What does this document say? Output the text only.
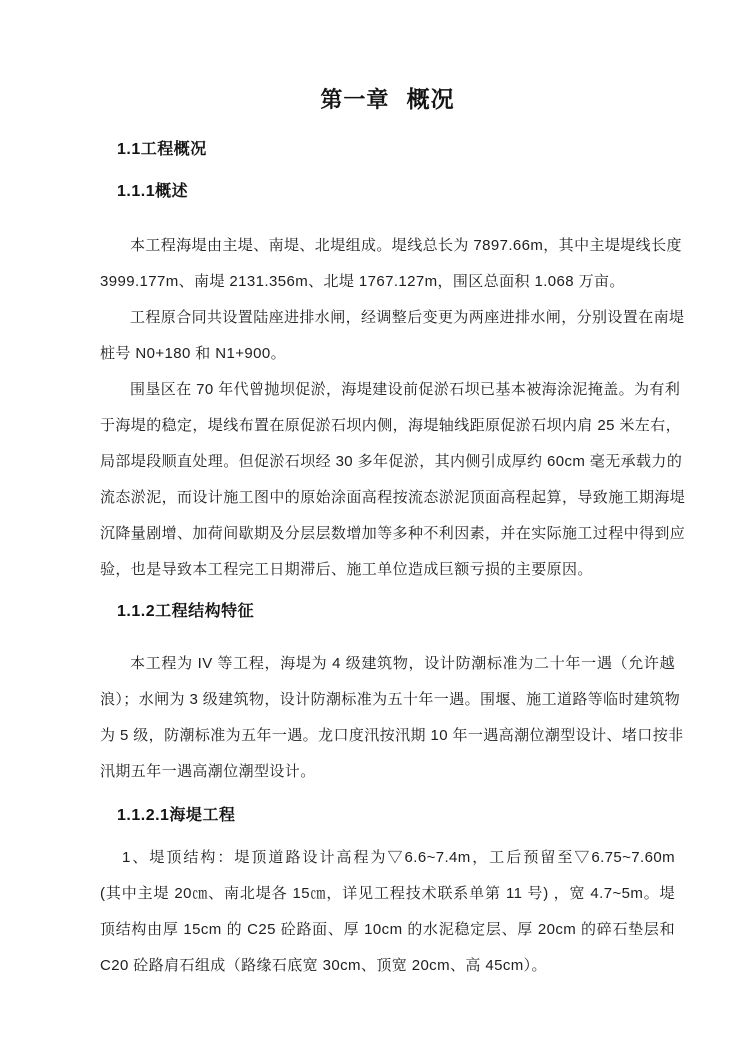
第一章 概况
1.1工程概况
1.1.1概述
本工程海堤由主堤、南堤、北堤组成。堤线总长为 7897.66m，其中主堤堤线长度
3999.177m、南堤 2131.356m、北堤 1767.127m，围区总面积 1.068 万亩。
工程原合同共设置陆座进排水闸，经调整后变更为两座进排水闸，分别设置在南堤
桩号 N0+180 和 N1+900。
围垦区在 70 年代曾抛坝促淤，海堤建设前促淤石坝已基本被海涂泥掩盖。为有利
于海堤的稳定，堤线布置在原促淤石坝内侧，海堤轴线距原促淤石坝内肩 25 米左右，
局部堤段顺直处理。但促淤石坝经 30 多年促淤，其内侧引成厚约 60cm 毫无承载力的
流态淤泥，而设计施工图中的原始涂面高程按流态淤泥顶面高程起算，导致施工期海堤
沉降量剧增、加荷间歇期及分层层数增加等多种不利因素，并在实际施工过程中得到应
验，也是导致本工程完工日期滞后、施工单位造成巨额亏损的主要原因。
1.1.2工程结构特征
本工程为 IV 等工程，海堤为 4 级建筑物，设计防潮标准为二十年一遇（允许越
浪）；水闸为 3 级建筑物，设计防潮标准为五十年一遇。围堰、施工道路等临时建筑物
为 5 级，防潮标准为五年一遇。龙口度汛按汛期 10 年一遇高潮位潮型设计、堵口按非
汛期五年一遇高潮位潮型设计。
1.1.2.1海堤工程
1、堤顶结构：堤顶道路设计高程为▽6.6~7.4m，工后预留至▽6.75~7.60m
(其中主堤 20㎝、南北堤各 15㎝，详见工程技术联系单第 11 号) ，宽 4.7~5m。堤
顶结构由厚 15cm 的 C25 砼路面、厚 10cm 的水泥稳定层、厚 20cm 的碎石垫层和
C20 砼路肩石组成（路缘石底宽 30cm、顶宽 20cm、高 45cm）。
